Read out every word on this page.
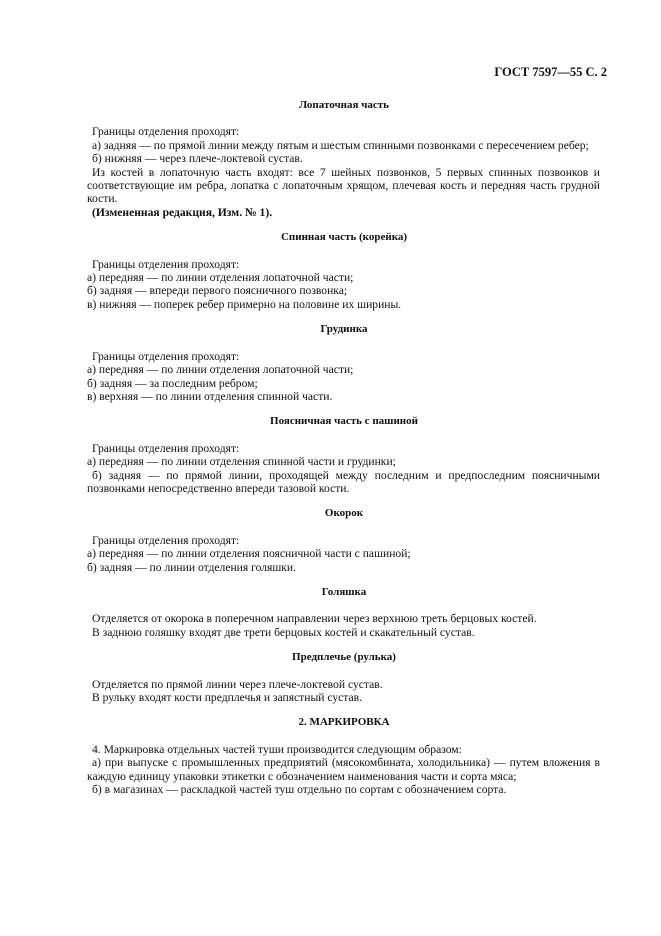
ГОСТ 7597—55 С. 2

Лопаточная часть

Границы отделения проходят:

а) задняя — по прямой линии между пятым и шестым спинными позвонками с пересечением ребер;

б) нижняя — через плече-локтевой сустав.

Из костей в лопаточную часть входят: все 7 шейных позвонков, 5 первых спинных позвонков и соответствующие им ребра, лопатка с лопаточным хрящом, плечевая кость и передняя часть грудной кости.

(Измененная редакция, Изм. № 1).

Спинная часть (корейка)

Границы отделения проходят:

а) передняя — по линии отделения лопаточной части;

б) задняя — впереди первого поясничного позвонка;

в) нижняя — поперек ребер примерно на половине их ширины.

Грудинка

Границы отделения проходят:

а) передняя — по линии отделения лопаточной части;

б) задняя — за последним ребром;

в) верхняя — по линии отделения спинной части.

Поясничная часть с пашиной

Границы отделения проходят:

а) передняя — по линии отделения спинной части и грудинки;

б) задняя — по прямой линии, проходящей между последним и предпоследним поясничными позвонками непосредственно впереди тазовой кости.

Окорок

Границы отделения проходят:

а) передняя — по линии отделения поясничной части с пашиной;

б) задняя — по линии отделения голяшки.

Голяшка

Отделяется от окорока в поперечном направлении через верхнюю треть берцовых костей.

В заднюю голяшку входят две трети берцовых костей и скакательный сустав.

Предплечье (рулька)

Отделяется по прямой линии через плече-локтевой сустав.

В рульку входят кости предплечья и запястный сустав.

2. МАРКИРОВКА

4. Маркировка отдельных частей туши производится следующим образом:

а) при выпуске с промышленных предприятий (мясокомбината, холодильника) — путем вложения в каждую единицу упаковки этикетки с обозначением наименования части и сорта мяса;

б) в магазинах — раскладкой частей туш отдельно по сортам с обозначением сорта.
